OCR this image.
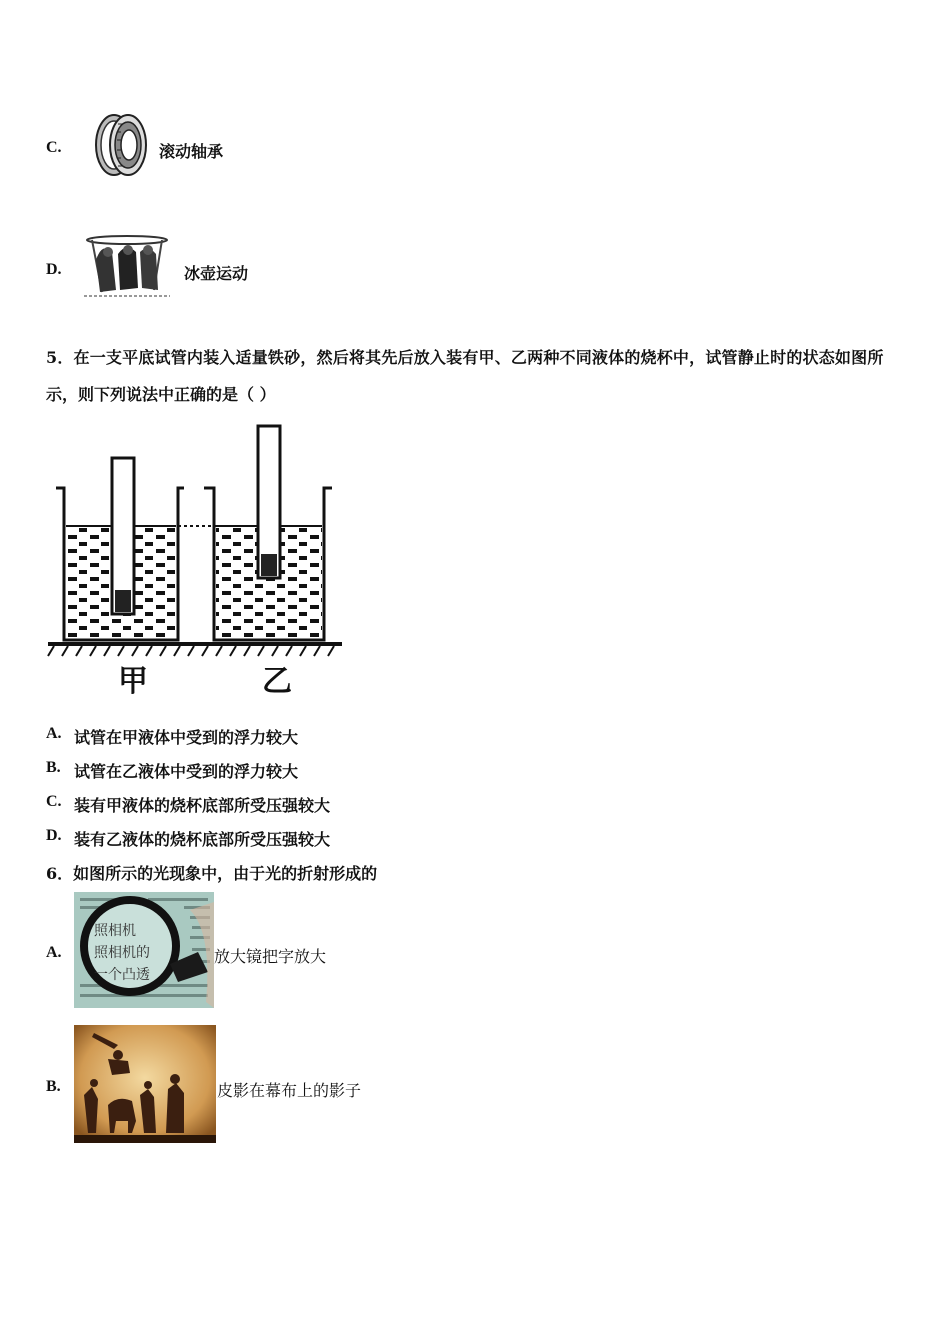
C.	滚动轴承
D.	冰壶运动
5．在一支平底试管内装入适量铁砂，然后将其先后放入装有甲、乙两种不同液体的烧杯中，试管静止时的状态如图所
示，则下列说法中正确的是（ ）
甲	乙
A. 试管在甲液体中受到的浮力较大
B. 试管在乙液体中受到的浮力较大
C. 装有甲液体的烧杯底部所受压强较大
D. 装有乙液体的烧杯底部所受压强较大
6．如图所示的光现象中，由于光的折射形成的
A.
照相机
照相机的
一个凸透
放大镜把字放大
B.	皮影在幕布上的影子
